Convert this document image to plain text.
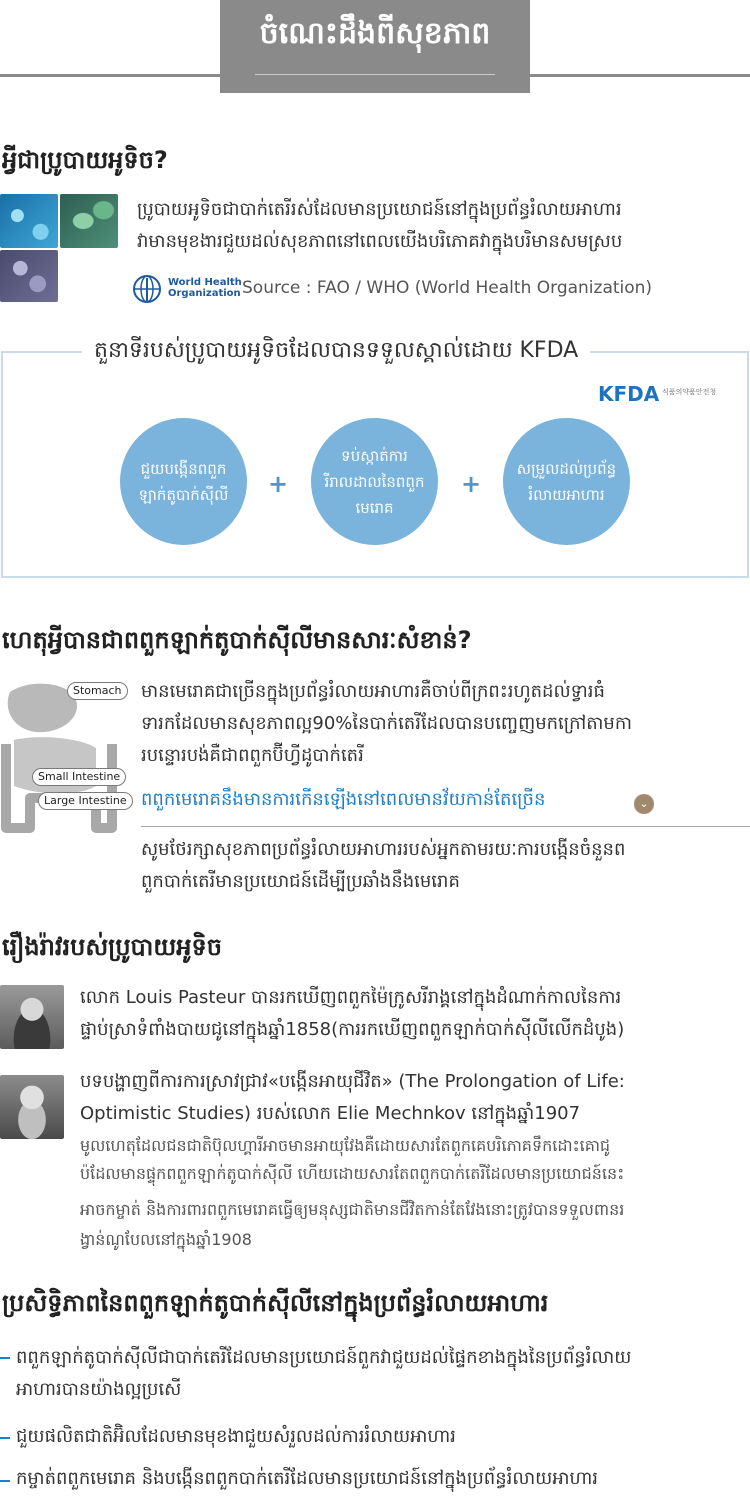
ចំណេះដឹងពីសុខភាព
អ្វីជាប្រូបាយអូទិច?
ប្រូបាយអូទិចជាបាក់តេរីរស់ដែលមានប្រយោជន៍នៅក្នុងប្រព័ន្ធរំលាយអាហារ
វាមានមុខងារជួយដល់សុខភាពនៅពេលយើងបរិភោគវាក្នុងបរិមានសមស្រប
World Health
Organization Source : FAO / WHO (World Health Organization)
តួនាទីរបស់ប្រូបាយអូទិចដែលបានទទួលស្គាល់ដោយ KFDA
KFDA 식품의약품안전청
ជួយបង្កើនពពួកឡាក់តូបាក់ស៊ីលី	+
ទប់ស្កាត់ការរីរាលដាលនៃពពួកមេរោគ
+
សម្រួលដល់ប្រព័ន្ធរំលាយអាហារ
ហេតុអ្វីបានជាពពួកឡាក់តូបាក់ស៊ីលីមានសារៈសំខាន់?
Stomach
Small Intestine
Large Intestine
មានមេរោគជាច្រើនក្នុងប្រព័ន្ធរំលាយអាហារគឺចាប់ពីក្រពះរហូតដល់ទ្វារធំ
ទារកដែលមានសុខភាពល្អ90%នៃបាក់តេរីដែលបានបញ្ចេញមកក្រៅតាមកា
របន្ទោរបង់គឺជាពពួកប៊ីហ្វីដូបាក់តេរី
ពពួកមេរោគនឹងមានការកើនឡើងនៅពេលមានវ័យកាន់តែច្រើន	⌄
សូមថែរក្សាសុខភាពប្រព័ន្ធរំលាយអាហាររបស់អ្នកតាមរយៈការបង្កើនចំនួនព
ពួកបាក់តេរីមានប្រយោជន៍ដើម្បីប្រឆាំងនឹងមេរោគ
រឿងរ៉ាវរបស់ប្រូបាយអូទិច
លោក Louis Pasteur បានរកឃើញពពួកម៉ៃក្រូសរីរាង្គនៅក្នុងដំណាក់កាលនៃការ
ផ្ទាប់ស្រាទំពាំងបាយជូនៅក្នុងឆ្នាំ1858(ការរកឃើញពពួកឡាក់បាក់ស៊ីលីលើកដំបូង)
បទបង្ហាញពីការការស្រាវជ្រាវ«បង្កើនអាយុជីវិត» (The Prolongation of Life:
Optimistic Studies) របស់លោក Elie Mechnkov នៅក្នុងឆ្នាំ1907
មូលហេតុដែលជនជាតិប៊ុលហ្គារីអាចមានអាយុវែងគឺដោយសារតែពួកគេបរិភោគទឹកដោះគោជូ
ប៉ដែលមានផ្ទុកពពួកឡាក់តូបាក់ស៊ីលី ហើយដោយសារតែពពួកបាក់តេរីដែលមានប្រយោជន៍នេះ
អាចកម្ចាត់ និងការពារពពួកមេរោគធ្វើឲ្យមនុស្សជាតិមានជីវិតកាន់តែវែងនោះត្រូវបានទទួលពានរ
ង្វាន់ណូបែលនៅក្នុងឆ្នាំ1908
ប្រសិទ្ធិភាពនៃពពួកឡាក់តូបាក់ស៊ីលីនៅក្នុងប្រព័ន្ធរំលាយអាហារ
ពពួកឡាក់តូបាក់ស៊ីលីជាបាក់តេរីដែលមានប្រយោជន៍ពួកវាជួយដល់ផ្ទៃកខាងក្នុងនៃប្រព័ន្ធរំលាយ
អាហារបានយ៉ាងល្អប្រសើ
ជួយផលិតជាតិអ៊ិលដែលមានមុខងាជួយសំរួលដល់ការរំលាយអាហារ
កម្ចាត់ពពួកមេរោគ និងបង្កើនពពួកបាក់តេរីដែលមានប្រយោជន៍នៅក្នុងប្រព័ន្ធរំលាយអាហារ
